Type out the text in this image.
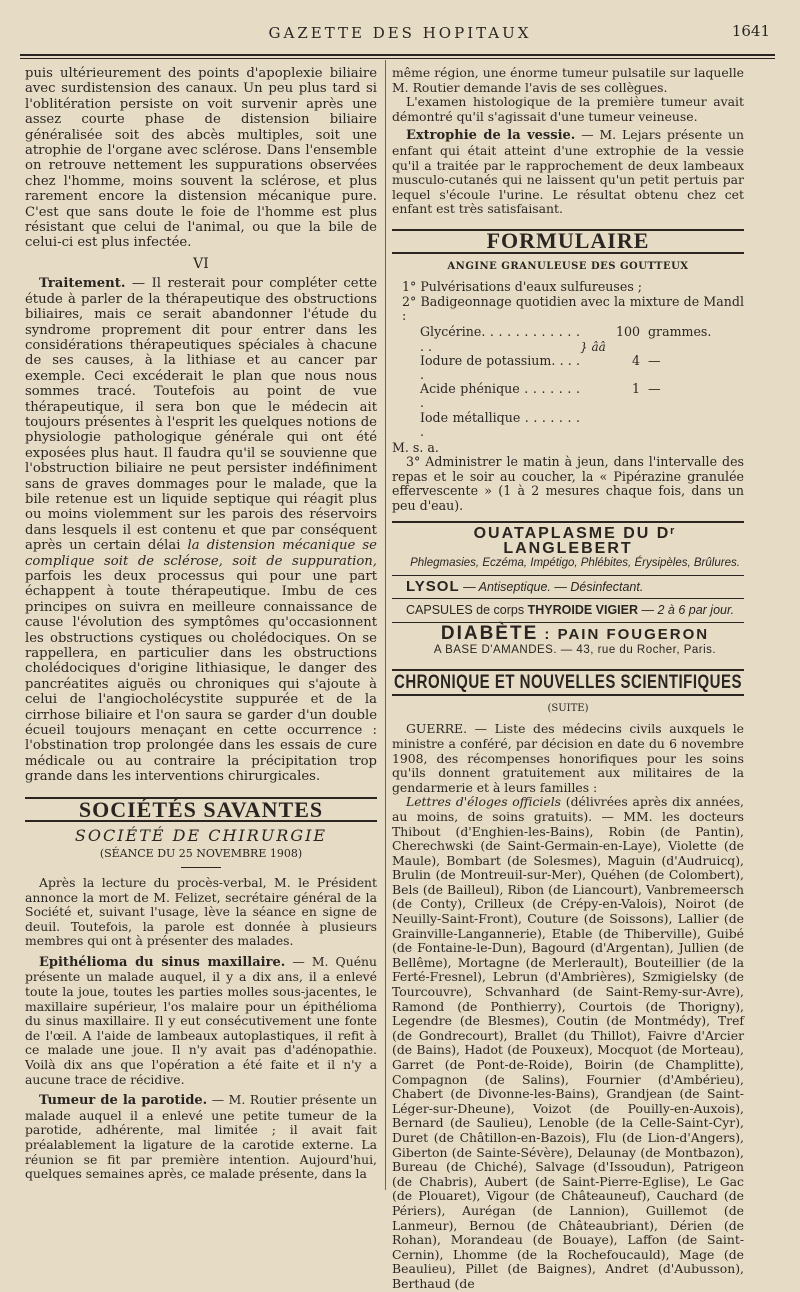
GAZETTE DES HOPITAUX	1641

puis ultérieurement des points d'apoplexie biliaire avec surdistension des canaux. Un peu plus tard si l'oblitération persiste on voit survenir après une assez courte phase de distension biliaire généralisée soit des abcès multiples, soit une atrophie de l'organe avec sclérose. Dans l'ensemble on retrouve nettement les suppurations observées chez l'homme, moins souvent la sclérose, et plus rarement encore la distension mécanique pure. C'est que sans doute le foie de l'homme est plus résistant que celui de l'animal, ou que la bile de celui-ci est plus infectée.

VI

Traitement. — Il resterait pour compléter cette étude à parler de la thérapeutique des obstructions biliaires, mais ce serait abandonner l'étude du syndrome proprement dit pour entrer dans les considérations thérapeutiques spéciales à chacune de ses causes, à la lithiase et au cancer par exemple. Ceci excéderait le plan que nous nous sommes tracé. Toutefois au point de vue thérapeutique, il sera bon que le médecin ait toujours présentes à l'esprit les quelques notions de physiologie pathologique générale qui ont été exposées plus haut. Il faudra qu'il se souvienne que l'obstruction biliaire ne peut persister indéfiniment sans de graves dommages pour le malade, que la bile retenue est un liquide septique qui réagit plus ou moins violemment sur les parois des réservoirs dans lesquels il est contenu et que par conséquent après un certain délai la distension mécanique se complique soit de sclérose, soit de suppuration, parfois les deux processus qui pour une part échappent à toute thérapeutique. Imbu de ces principes on suivra en meilleure connaissance de cause l'évolution des symptômes qu'occasionnent les obstructions cystiques ou cholédociques. On se rappellera, en particulier dans les obstructions cholédociques d'origine lithiasique, le danger des pancréatites aiguës ou chroniques qui s'ajoute à celui de l'angiocholécystite suppurée et de la cirrhose biliaire et l'on saura se garder d'un double écueil toujours menaçant en cette occurrence : l'obstination trop prolongée dans les essais de cure médicale ou au contraire la précipitation trop grande dans les interventions chirurgicales.

SOCIÉTÉS SAVANTES
SOCIÉTÉ DE CHIRURGIE
(SÉANCE DU 25 NOVEMBRE 1908)

Après la lecture du procès-verbal, M. le Président annonce la mort de M. Felizet, secrétaire général de la Société et, suivant l'usage, lève la séance en signe de deuil. Toutefois, la parole est donnée à plusieurs membres qui ont à présenter des malades.

Epithélioma du sinus maxillaire. — M. Quénu présente un malade auquel, il y a dix ans, il a enlevé toute la joue, toutes les parties molles sous-jacentes, le maxillaire supérieur, l'os malaire pour un épithélioma du sinus maxillaire. Il y eut consécutivement une fonte de l'œil. A l'aide de lambeaux autoplastiques, il refit à ce malade une joue. Il n'y avait pas d'adénopathie. Voilà dix ans que l'opération a été faite et il n'y a aucune trace de récidive.

Tumeur de la parotide. — M. Routier présente un malade auquel il a enlevé une petite tumeur de la parotide, adhérente, mal limitée ; il avait fait préalablement la ligature de la carotide externe. La réunion se fit par première intention. Aujourd'hui, quelques semaines après, ce malade présente, dans la

même région, une énorme tumeur pulsatile sur laquelle M. Routier demande l'avis de ses collègues.

L'examen histologique de la première tumeur avait démontré qu'il s'agissait d'une tumeur veineuse.

Extrophie de la vessie. — M. Lejars présente un enfant qui était atteint d'une extrophie de la vessie qu'il a traitée par le rapprochement de deux lambeaux musculo-cutanés qui ne laissent qu'un petit pertuis par lequel s'écoule l'urine. Le résultat obtenu chez cet enfant est très satisfaisant.

FORMULAIRE
ANGINE GRANULEUSE DES GOUTTEUX
1° Pulvérisations d'eaux sulfureuses ;
2° Badigeonnage quotidien avec la mixture de Mandl :
Glycérine. . . . . . . . . . . . . .
100 grammes.
Iodure de potassium. . . . .
4 —
Acide phénique . . . . . . . .
1 —
Iode métallique . . . . . . . .
} ââ
M. s. a.

3° Administrer le matin à jeun, dans l'intervalle des repas et le soir au coucher, la « Pipérazine granulée effervescente » (1 à 2 mesures chaque fois, dans un peu d'eau).

OUATAPLASME DU Dʳ LANGLEBERT

Phlegmasies, Eczéma, Impétigo, Phlébites, Érysipèles, Brûlures.

LYSOL — Antiseptique. — Désinfectant.

CAPSULES de corps THYROIDE VIGIER — 2 à 6 par jour.

DIABÈTE : PAIN FOUGERON

A BASE D'AMANDES. — 43, rue du Rocher, Paris.

CHRONIQUE ET NOUVELLES SCIENTIFIQUES
(SUITE)

GUERRE. — Liste des médecins civils auxquels le ministre a conféré, par décision en date du 6 novembre 1908, des récompenses honorifiques pour les soins qu'ils donnent gratuitement aux militaires de la gendarmerie et à leurs familles :

Lettres d'éloges officiels (délivrées après dix années, au moins, de soins gratuits). — MM. les docteurs Thibout (d'Enghien-les-Bains), Robin (de Pantin), Cherechwski (de Saint-Germain-en-Laye), Violette (de Maule), Bombart (de Solesmes), Maguin (d'Audruicq), Brulin (de Montreuil-sur-Mer), Quéhen (de Colombert), Bels (de Bailleul), Ribon (de Liancourt), Vanbremeersch (de Conty), Crilleux (de Crépy-en-Valois), Noirot (de Neuilly-Saint-Front), Couture (de Soissons), Lallier (de Grainville-Langannerie), Etable (de Thiberville), Guibé (de Fontaine-le-Dun), Bagourd (d'Argentan), Jullien (de Bellême), Mortagne (de Merlerault), Bouteillier (de la Ferté-Fresnel), Lebrun (d'Ambrières), Szmigielsky (de Tourcouvre), Schvanhard (de Saint-Remy-sur-Avre), Ramond (de Ponthierry), Courtois (de Thorigny), Legendre (de Blesmes), Coutin (de Montmédy), Tref (de Gondrecourt), Brallet (du Thillot), Faivre d'Arcier (de Bains), Hadot (de Pouxeux), Mocquot (de Morteau), Garret (de Pont-de-Roide), Boirin (de Champlitte), Compagnon (de Salins), Fournier (d'Ambérieu), Chabert (de Divonne-les-Bains), Grandjean (de Saint-Léger-sur-Dheune), Voizot (de Pouilly-en-Auxois), Bernard (de Saulieu), Lenoble (de la Celle-Saint-Cyr), Duret (de Châtillon-en-Bazois), Flu (de Lion-d'Angers), Giberton (de Sainte-Sévère), Delaunay (de Montbazon), Bureau (de Chiché), Salvage (d'Issoudun), Patrigeon (de Chabris), Aubert (de Saint-Pierre-Eglise), Le Gac (de Plouaret), Vigour (de Châteauneuf), Cauchard (de Périers), Aurégan (de Lannion), Guillemot (de Lanmeur), Bernou (de Châteaubriant), Dérien (de Rohan), Morandeau (de Bouaye), Laffon (de Saint-Cernin), Lhomme (de la Rochefoucauld), Mage (de Beaulieu), Pillet (de Baignes), Andret (d'Aubusson), Berthaud (de
